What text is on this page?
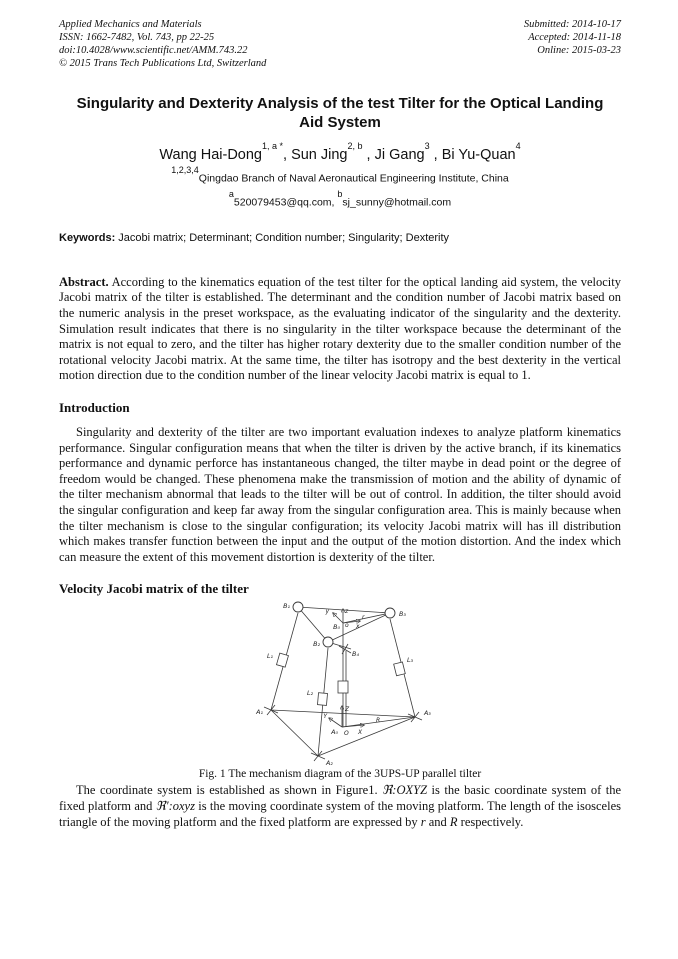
Applied Mechanics and Materials
ISSN: 1662-7482, Vol. 743, pp 22-25
doi:10.4028/www.scientific.net/AMM.743.22
© 2015 Trans Tech Publications Ltd, Switzerland
Submitted: 2014-10-17
Accepted: 2014-11-18
Online: 2015-03-23
Singularity and Dexterity Analysis of the test Tilter for the Optical Landing Aid System
Wang Hai-Dong$^{1, a *}$, Sun Jing$^{2, b}$ , Ji Gang$^3$ , Bi Yu-Quan$^4$
$^{1,2,3,4}$Qingdao Branch of Naval Aeronautical Engineering Institute, China
$^a$520079453@qq.com, $^b$sj_sunny@hotmail.com
Keywords: Jacobi matrix; Determinant; Condition number; Singularity; Dexterity
Abstract. According to the kinematics equation of the test tilter for the optical landing aid system, the velocity Jacobi matrix of the tilter is established. The determinant and the condition number of Jacobi matrix based on the numeric analysis in the preset workspace, as the evaluating indicator of the singularity and the dexterity. Simulation result indicates that there is no singularity in the tilter workspace because the determinant of the matrix is not equal to zero, and the tilter has higher rotary dexterity due to the smaller condition number of the rotational velocity Jacobi matrix. At the same time, the tilter has isotropy and the best dexterity in the vertical motion direction due to the condition number of the linear velocity Jacobi matrix is equal to 1.
Introduction
Singularity and dexterity of the tilter are two important evaluation indexes to analyze platform kinematics performance. Singular configuration means that when the tilter is driven by the active branch, if its kinematics performance and dynamic perforce has instantaneous changed, the tilter maybe in dead point or the degree of freedom would be changed. These phenomena make the transmission of motion and the ability of dynamic of the tilter mechanism abnormal that leads to the tilter will be out of control. In addition, the tilter should avoid the singular configuration and keep far away from the singular configuration area. This is mainly because when the tilter mechanism is close to the singular configuration; its velocity Jacobi matrix will has ill distribution which makes transfer function between the input and the output of the motion distortion. And the index which can measure the extent of this movement distortion is dexterity of the tilter.
Velocity Jacobi matrix of the tilter
B₁
B₃
B₂
B₀
B₄
L₁
L₂
L₃
A₁	A₃
A₂
A₀
r
R
z
y
x
o
Z
Y
X
O
Fig. 1 The mechanism diagram of the 3UPS-UP parallel tilter
The coordinate system is established as shown in Figure1. ℜ:OXYZ is the basic coordinate system of the fixed platform and ℜ′:oxyz is the moving coordinate system of the moving platform. The length of the isosceles triangle of the moving platform and the fixed platform are expressed by r and R respectively.
